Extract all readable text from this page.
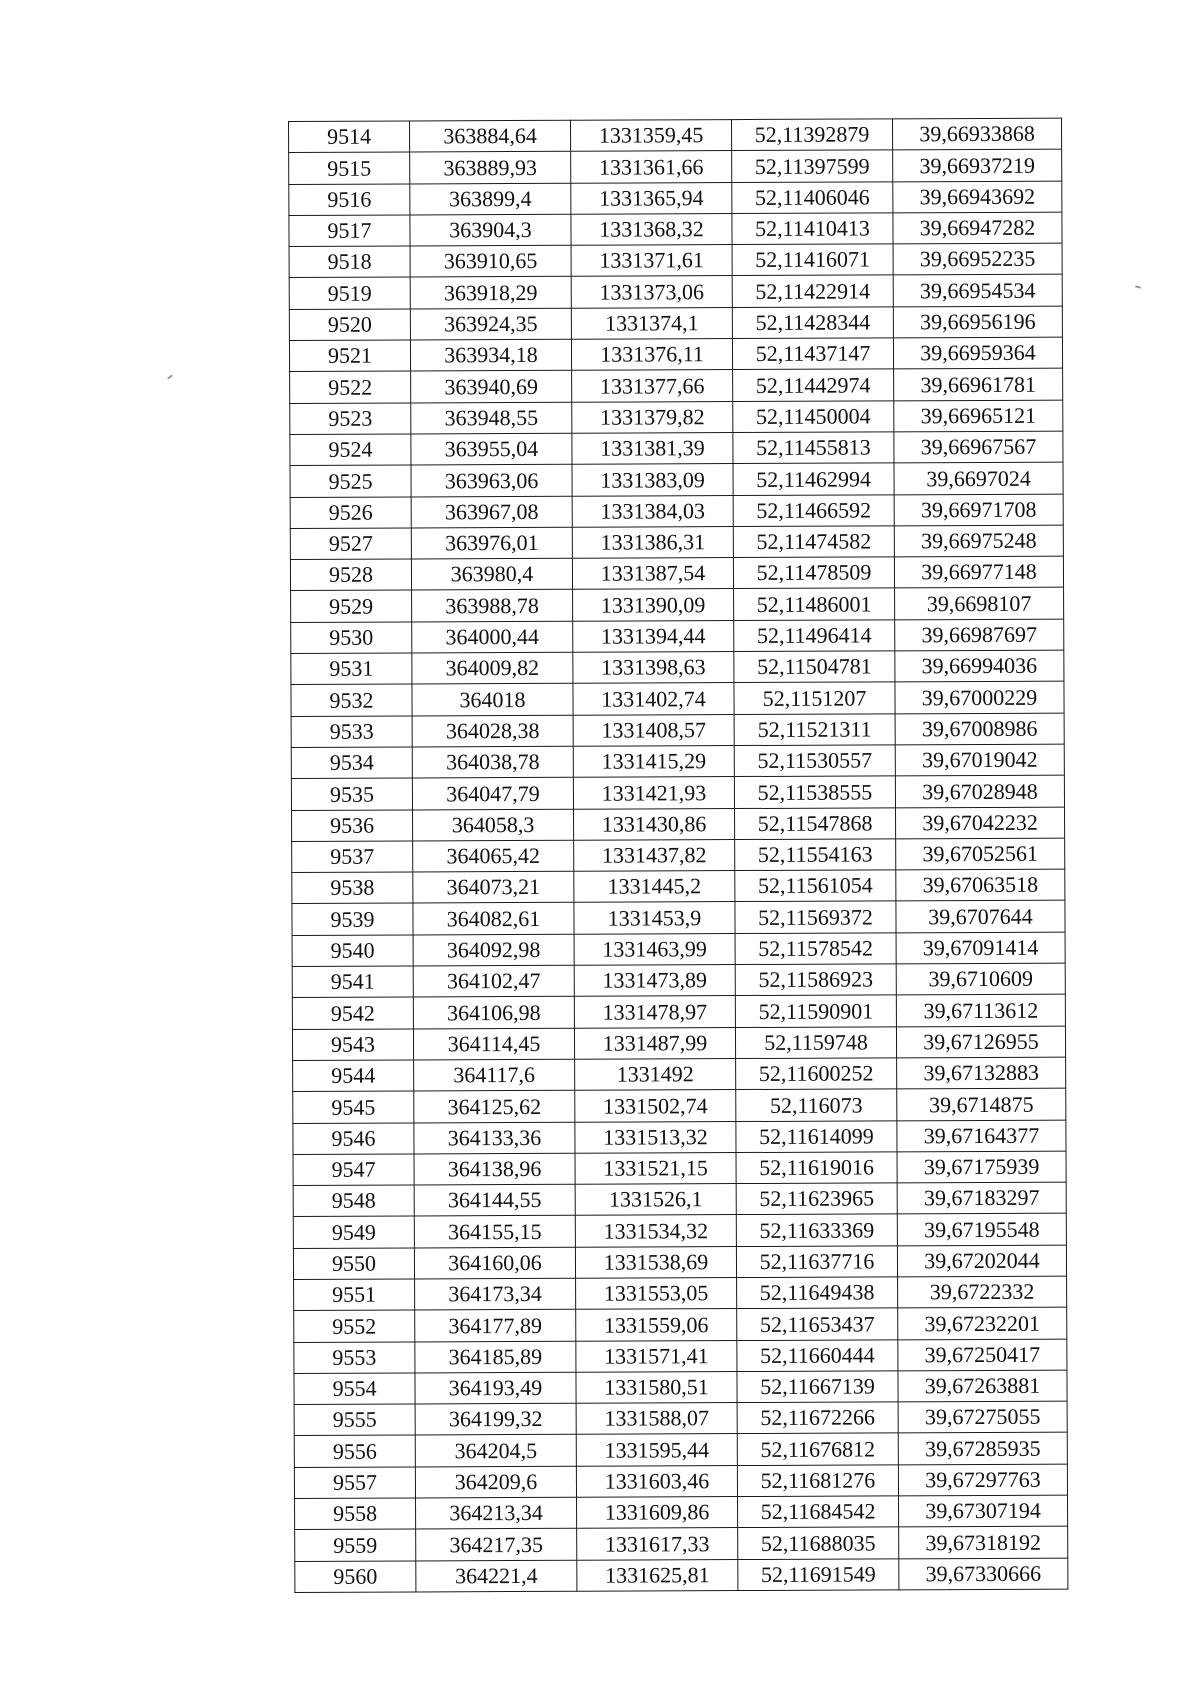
9514	363884,64	1331359,45	52,11392879	39,66933868
9515	363889,93	1331361,66	52,11397599	39,66937219
9516	363899,4	1331365,94	52,11406046	39,66943692
9517	363904,3	1331368,32	52,11410413	39,66947282
9518	363910,65	1331371,61	52,11416071	39,66952235
9519	363918,29	1331373,06	52,11422914	39,66954534
9520	363924,35	1331374,1	52,11428344	39,66956196
9521	363934,18	1331376,11	52,11437147	39,66959364
9522	363940,69	1331377,66	52,11442974	39,66961781
9523	363948,55	1331379,82	52,11450004	39,66965121
9524	363955,04	1331381,39	52,11455813	39,66967567
9525	363963,06	1331383,09	52,11462994	39,6697024
9526	363967,08	1331384,03	52,11466592	39,66971708
9527	363976,01	1331386,31	52,11474582	39,66975248
9528	363980,4	1331387,54	52,11478509	39,66977148
9529	363988,78	1331390,09	52,11486001	39,6698107
9530	364000,44	1331394,44	52,11496414	39,66987697
9531	364009,82	1331398,63	52,11504781	39,66994036
9532	364018	1331402,74	52,1151207	39,67000229
9533	364028,38	1331408,57	52,11521311	39,67008986
9534	364038,78	1331415,29	52,11530557	39,67019042
9535	364047,79	1331421,93	52,11538555	39,67028948
9536	364058,3	1331430,86	52,11547868	39,67042232
9537	364065,42	1331437,82	52,11554163	39,67052561
9538	364073,21	1331445,2	52,11561054	39,67063518
9539	364082,61	1331453,9	52,11569372	39,6707644
9540	364092,98	1331463,99	52,11578542	39,67091414
9541	364102,47	1331473,89	52,11586923	39,6710609
9542	364106,98	1331478,97	52,11590901	39,67113612
9543	364114,45	1331487,99	52,1159748	39,67126955
9544	364117,6	1331492	52,11600252	39,67132883
9545	364125,62	1331502,74	52,116073	39,6714875
9546	364133,36	1331513,32	52,11614099	39,67164377
9547	364138,96	1331521,15	52,11619016	39,67175939
9548	364144,55	1331526,1	52,11623965	39,67183297
9549	364155,15	1331534,32	52,11633369	39,67195548
9550	364160,06	1331538,69	52,11637716	39,67202044
9551	364173,34	1331553,05	52,11649438	39,6722332
9552	364177,89	1331559,06	52,11653437	39,67232201
9553	364185,89	1331571,41	52,11660444	39,67250417
9554	364193,49	1331580,51	52,11667139	39,67263881
9555	364199,32	1331588,07	52,11672266	39,67275055
9556	364204,5	1331595,44	52,11676812	39,67285935
9557	364209,6	1331603,46	52,11681276	39,67297763
9558	364213,34	1331609,86	52,11684542	39,67307194
9559	364217,35	1331617,33	52,11688035	39,67318192
9560	364221,4	1331625,81	52,11691549	39,67330666
